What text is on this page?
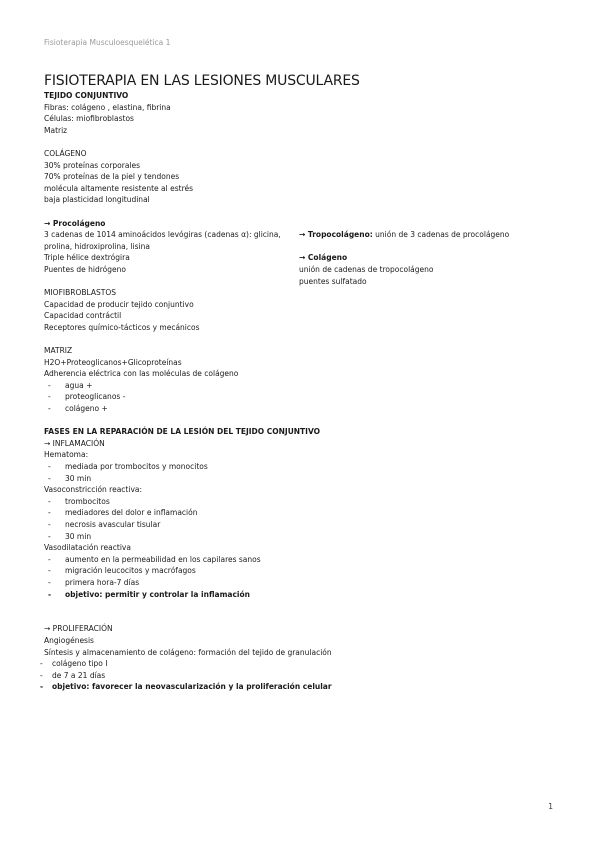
Fisioterapia Musculoesquelética 1
FISIOTERAPIA EN LAS LESIONES MUSCULARES
TEJIDO CONJUNTIVO
Fibras: colágeno , elastina, fibrina
Células: miofibroblastos
Matriz
COLÁGENO
30% proteínas corporales
70% proteínas de la piel y tendones
molécula altamente resistente al estrés
baja plasticidad longitudinal
→ Procolágeno
3 cadenas de 1014 aminoácidos levógiras (cadenas α): glicina,
prolina, hidroxiprolina, lisina
Triple hélice dextrógira
Puentes de hidrógeno
→ Tropocolágeno: unión de 3 cadenas de procolágeno
→ Colágeno
unión de cadenas de tropocolágeno
puentes sulfatado
MIOFIBROBLASTOS
Capacidad de producir tejido conjuntivo
Capacidad contráctil
Receptores químico-tácticos y mecánicos
MATRIZ
H2O+Proteoglicanos+Glicoproteínas
Adherencia eléctrica con las moléculas de colágeno
- agua +
- proteoglicanos -
- colágeno +
FASES EN LA REPARACIÓN DE LA LESIÓN DEL TEJIDO CONJUNTIVO
→ INFLAMACIÓN
Hematoma:
- mediada por trombocitos y monocitos
- 30 min
Vasoconstricción reactiva:
- trombocitos
- mediadores del dolor e inflamación
- necrosis avascular tisular
- 30 min
Vasodilatación reactiva
- aumento en la permeabilidad en los capilares sanos
- migración leucocitos y macrófagos
- primera hora-7 días
- objetivo: permitir y controlar la inflamación
→ PROLIFERACIÓN
Angiogénesis
Síntesis y almacenamiento de colágeno: formación del tejido de granulación
- colágeno tipo I
- de 7 a 21 días
- objetivo: favorecer la neovascularización y la proliferación celular
1
